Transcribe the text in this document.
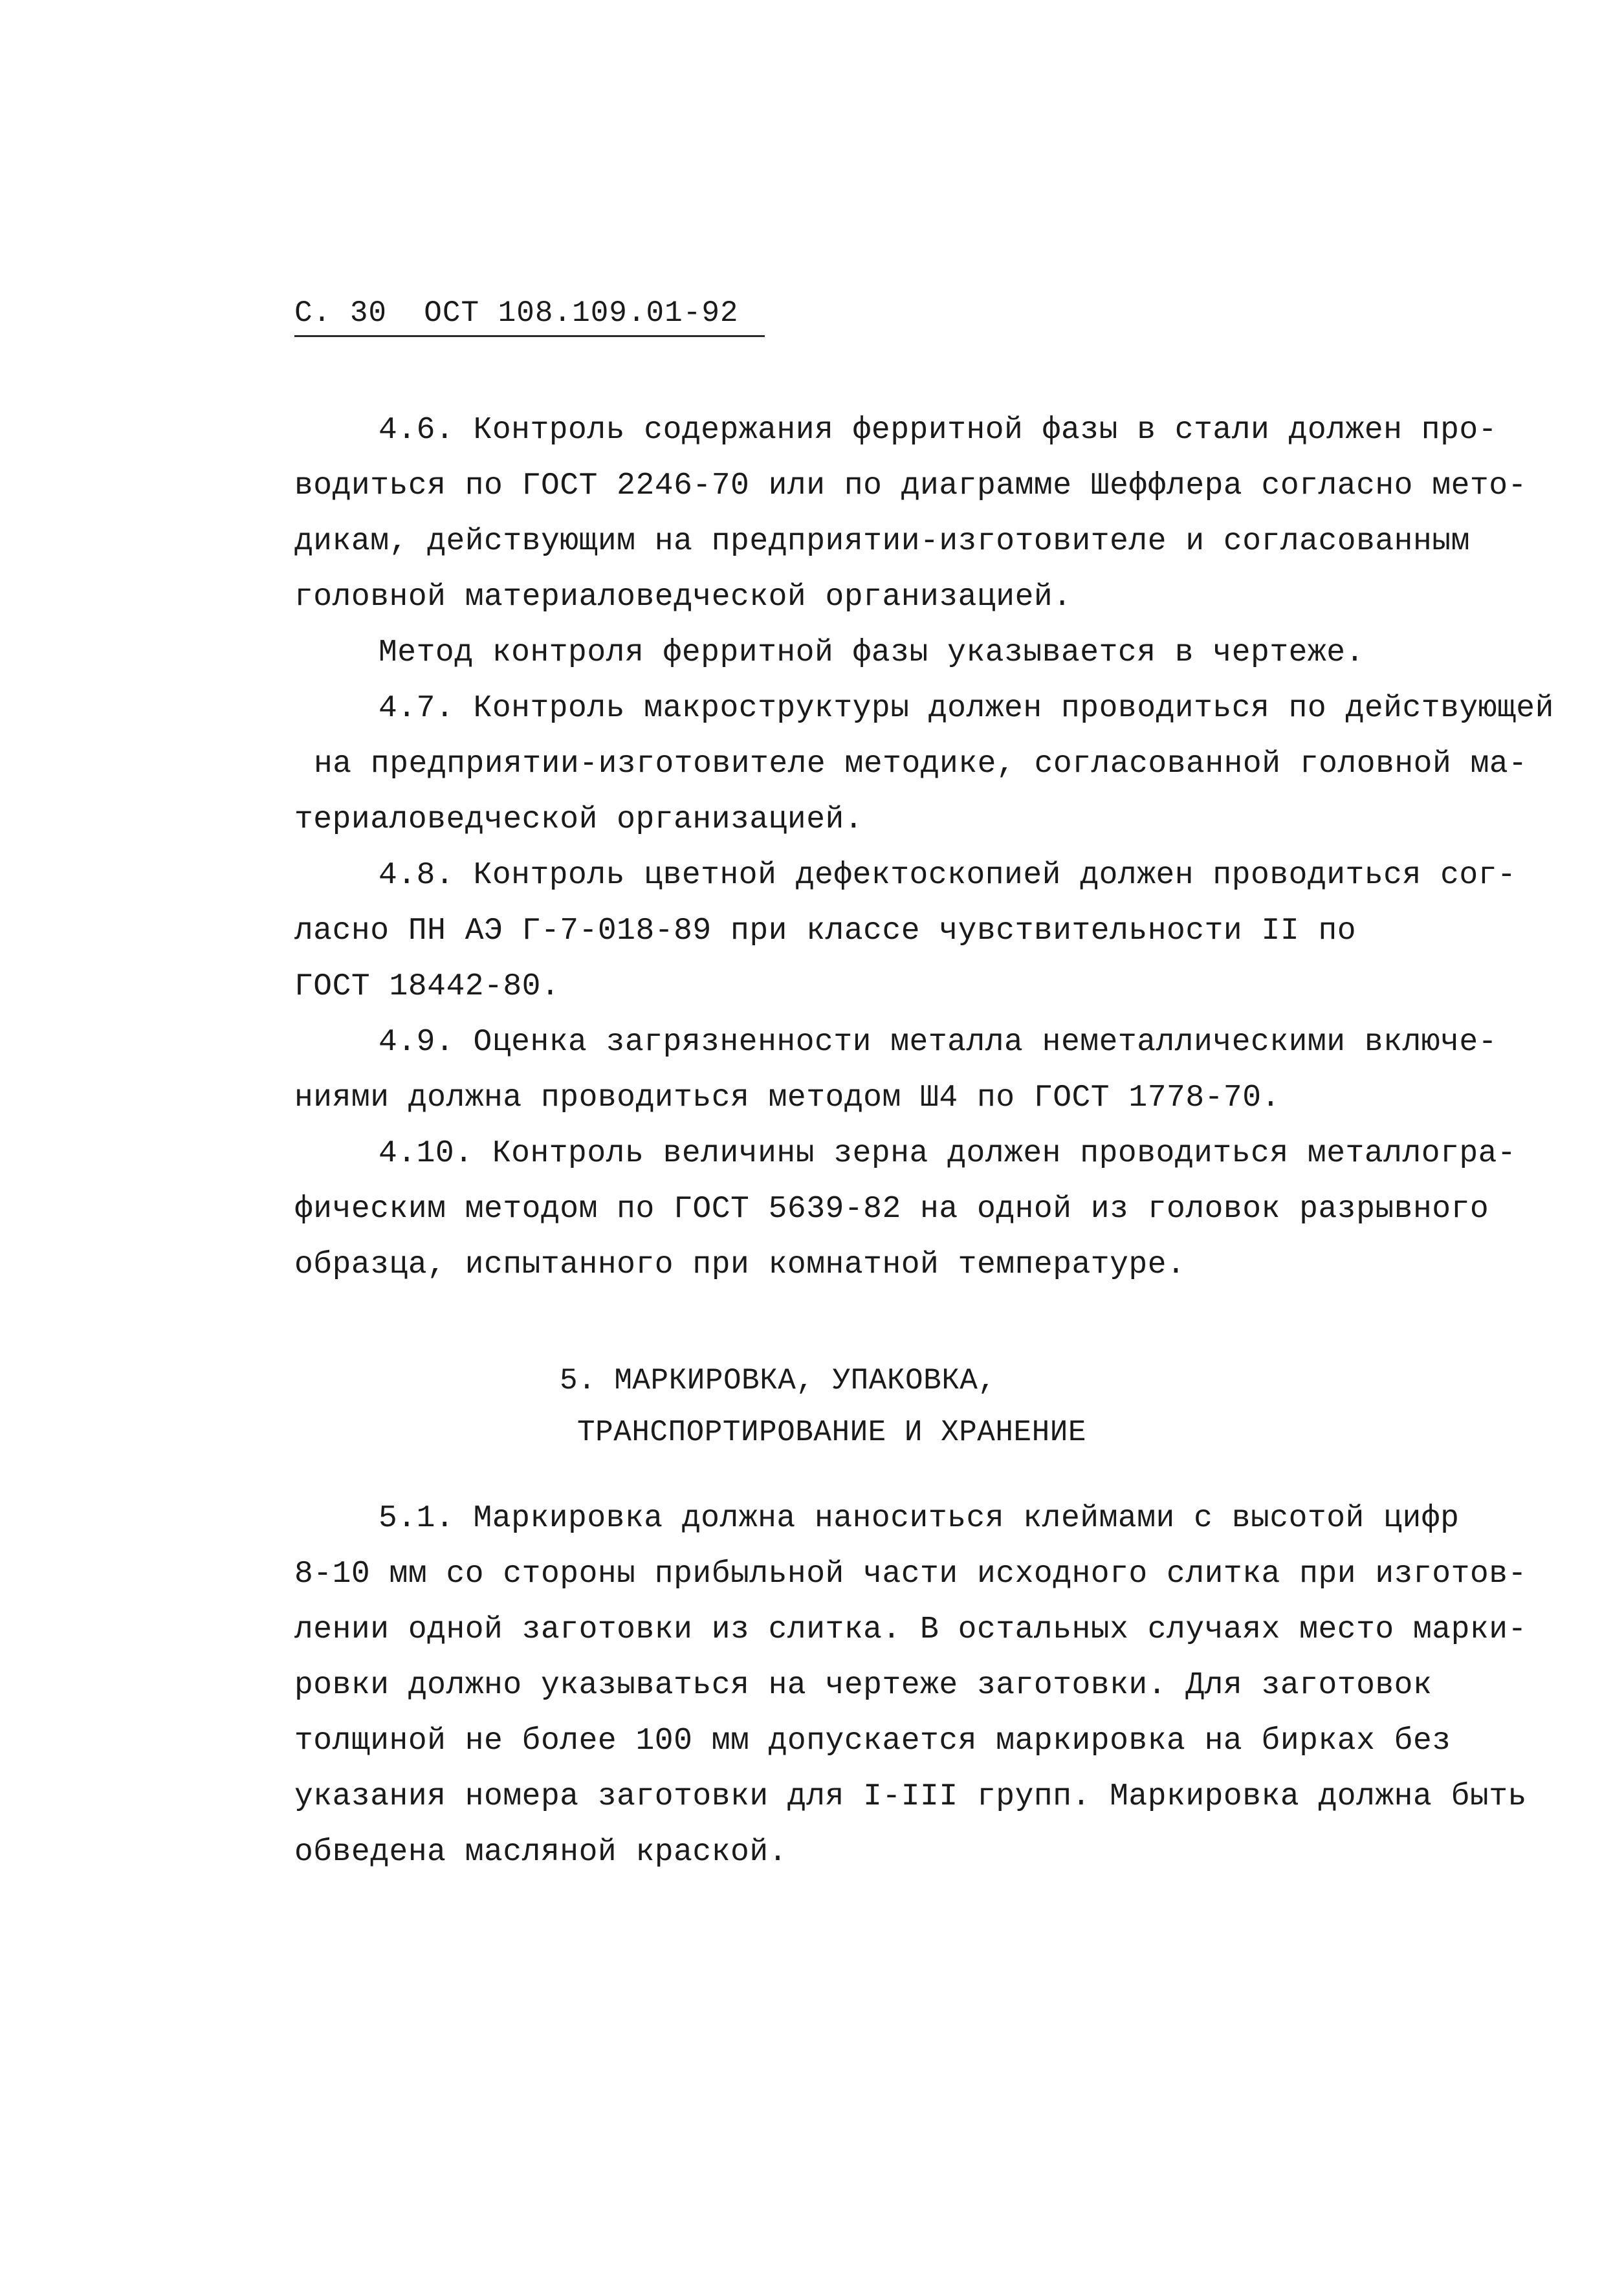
С. 30 ОСТ 108.109.01-92
4.6. Контроль содержания ферритной фазы в стали должен про-
водиться по ГОСТ 2246-70 или по диаграмме Шеффлера согласно мето-
дикам, действующим на предприятии-изготовителе и согласованным
головной материаловедческой организацией.
Метод контроля ферритной фазы указывается в чертеже.
4.7. Контроль макроструктуры должен проводиться по действующей
на предприятии-изготовителе методике, согласованной головной ма-
териаловедческой организацией.
4.8. Контроль цветной дефектоскопией должен проводиться сог-
ласно ПН АЭ Г-7-018-89 при классе чувствительности II по
ГОСТ 18442-80.
4.9. Оценка загрязненности металла неметаллическими включе-
ниями должна проводиться методом Ш4 по ГОСТ 1778-70.
4.10. Контроль величины зерна должен проводиться металлогра-
фическим методом по ГОСТ 5639-82 на одной из головок разрывного
образца, испытанного при комнатной температуре.
5. МАРКИРОВКА, УПАКОВКА,
ТРАНСПОРТИРОВАНИЕ И ХРАНЕНИЕ
5.1. Маркировка должна наноситься клеймами с высотой цифр
8-10 мм со стороны прибыльной части исходного слитка при изготов-
лении одной заготовки из слитка. В остальных случаях место марки-
ровки должно указываться на чертеже заготовки. Для заготовок
толщиной не более 100 мм допускается маркировка на бирках без
указания номера заготовки для I-III групп. Маркировка должна быть
обведена масляной краской.
